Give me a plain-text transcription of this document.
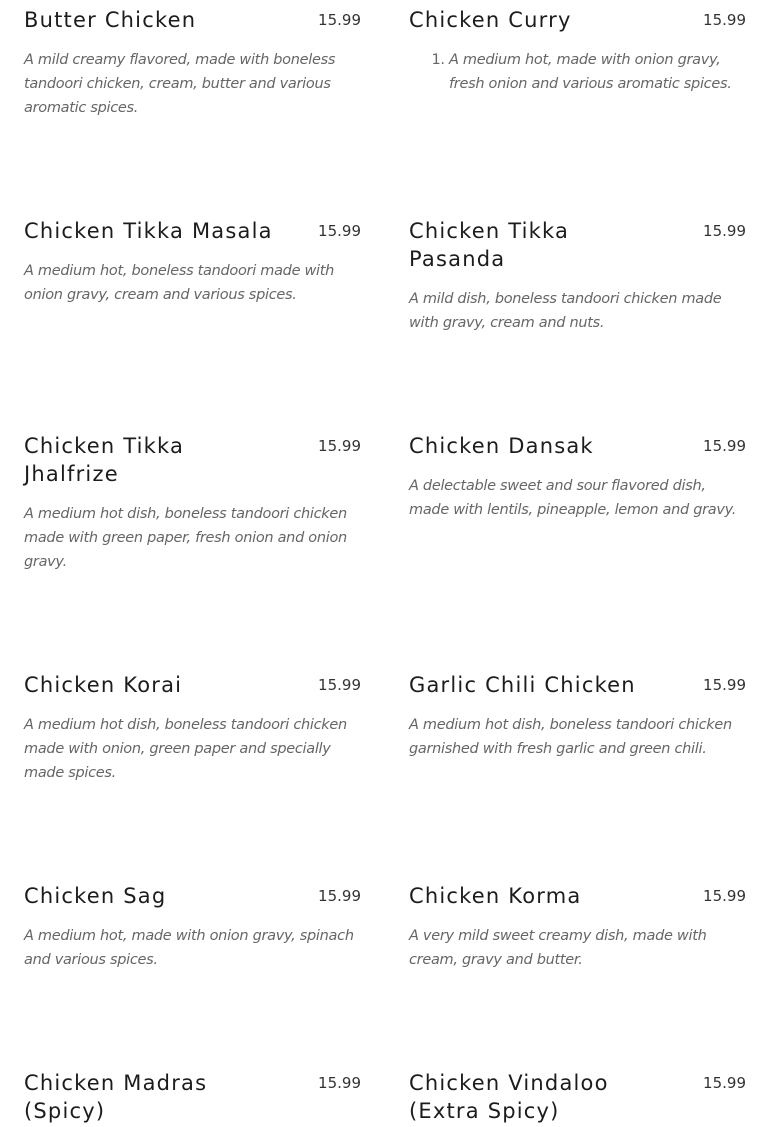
Butter Chicken	15.99
A mild creamy flavored, made with boneless tandoori chicken, cream, butter and various aromatic spices.
Chicken Curry	15.99
1. A medium hot, made with onion gravy, fresh onion and various aromatic spices.
Chicken Tikka Masala	15.99
A medium hot, boneless tandoori made with onion gravy, cream and various spices.
Chicken Tikka Pasanda
15.99
A mild dish, boneless tandoori chicken made with gravy, cream and nuts.
Chicken Tikka Jhalfrize
15.99
A medium hot dish, boneless tandoori chicken made with green paper, fresh onion and onion gravy.
Chicken Dansak	15.99
A delectable sweet and sour flavored dish, made with lentils, pineapple, lemon and gravy.
Chicken Korai	15.99
A medium hot dish, boneless tandoori chicken made with onion, green paper and specially made spices.
Garlic Chili Chicken	15.99
A medium hot dish, boneless tandoori chicken garnished with fresh garlic and green chili.
Chicken Sag	15.99
A medium hot, made with onion gravy, spinach and various spices.
Chicken Korma	15.99
A very mild sweet creamy dish, made with cream, gravy and butter.
Chicken Madras (Spicy)
15.99 Chicken Vindaloo (Extra Spicy)
15.99
